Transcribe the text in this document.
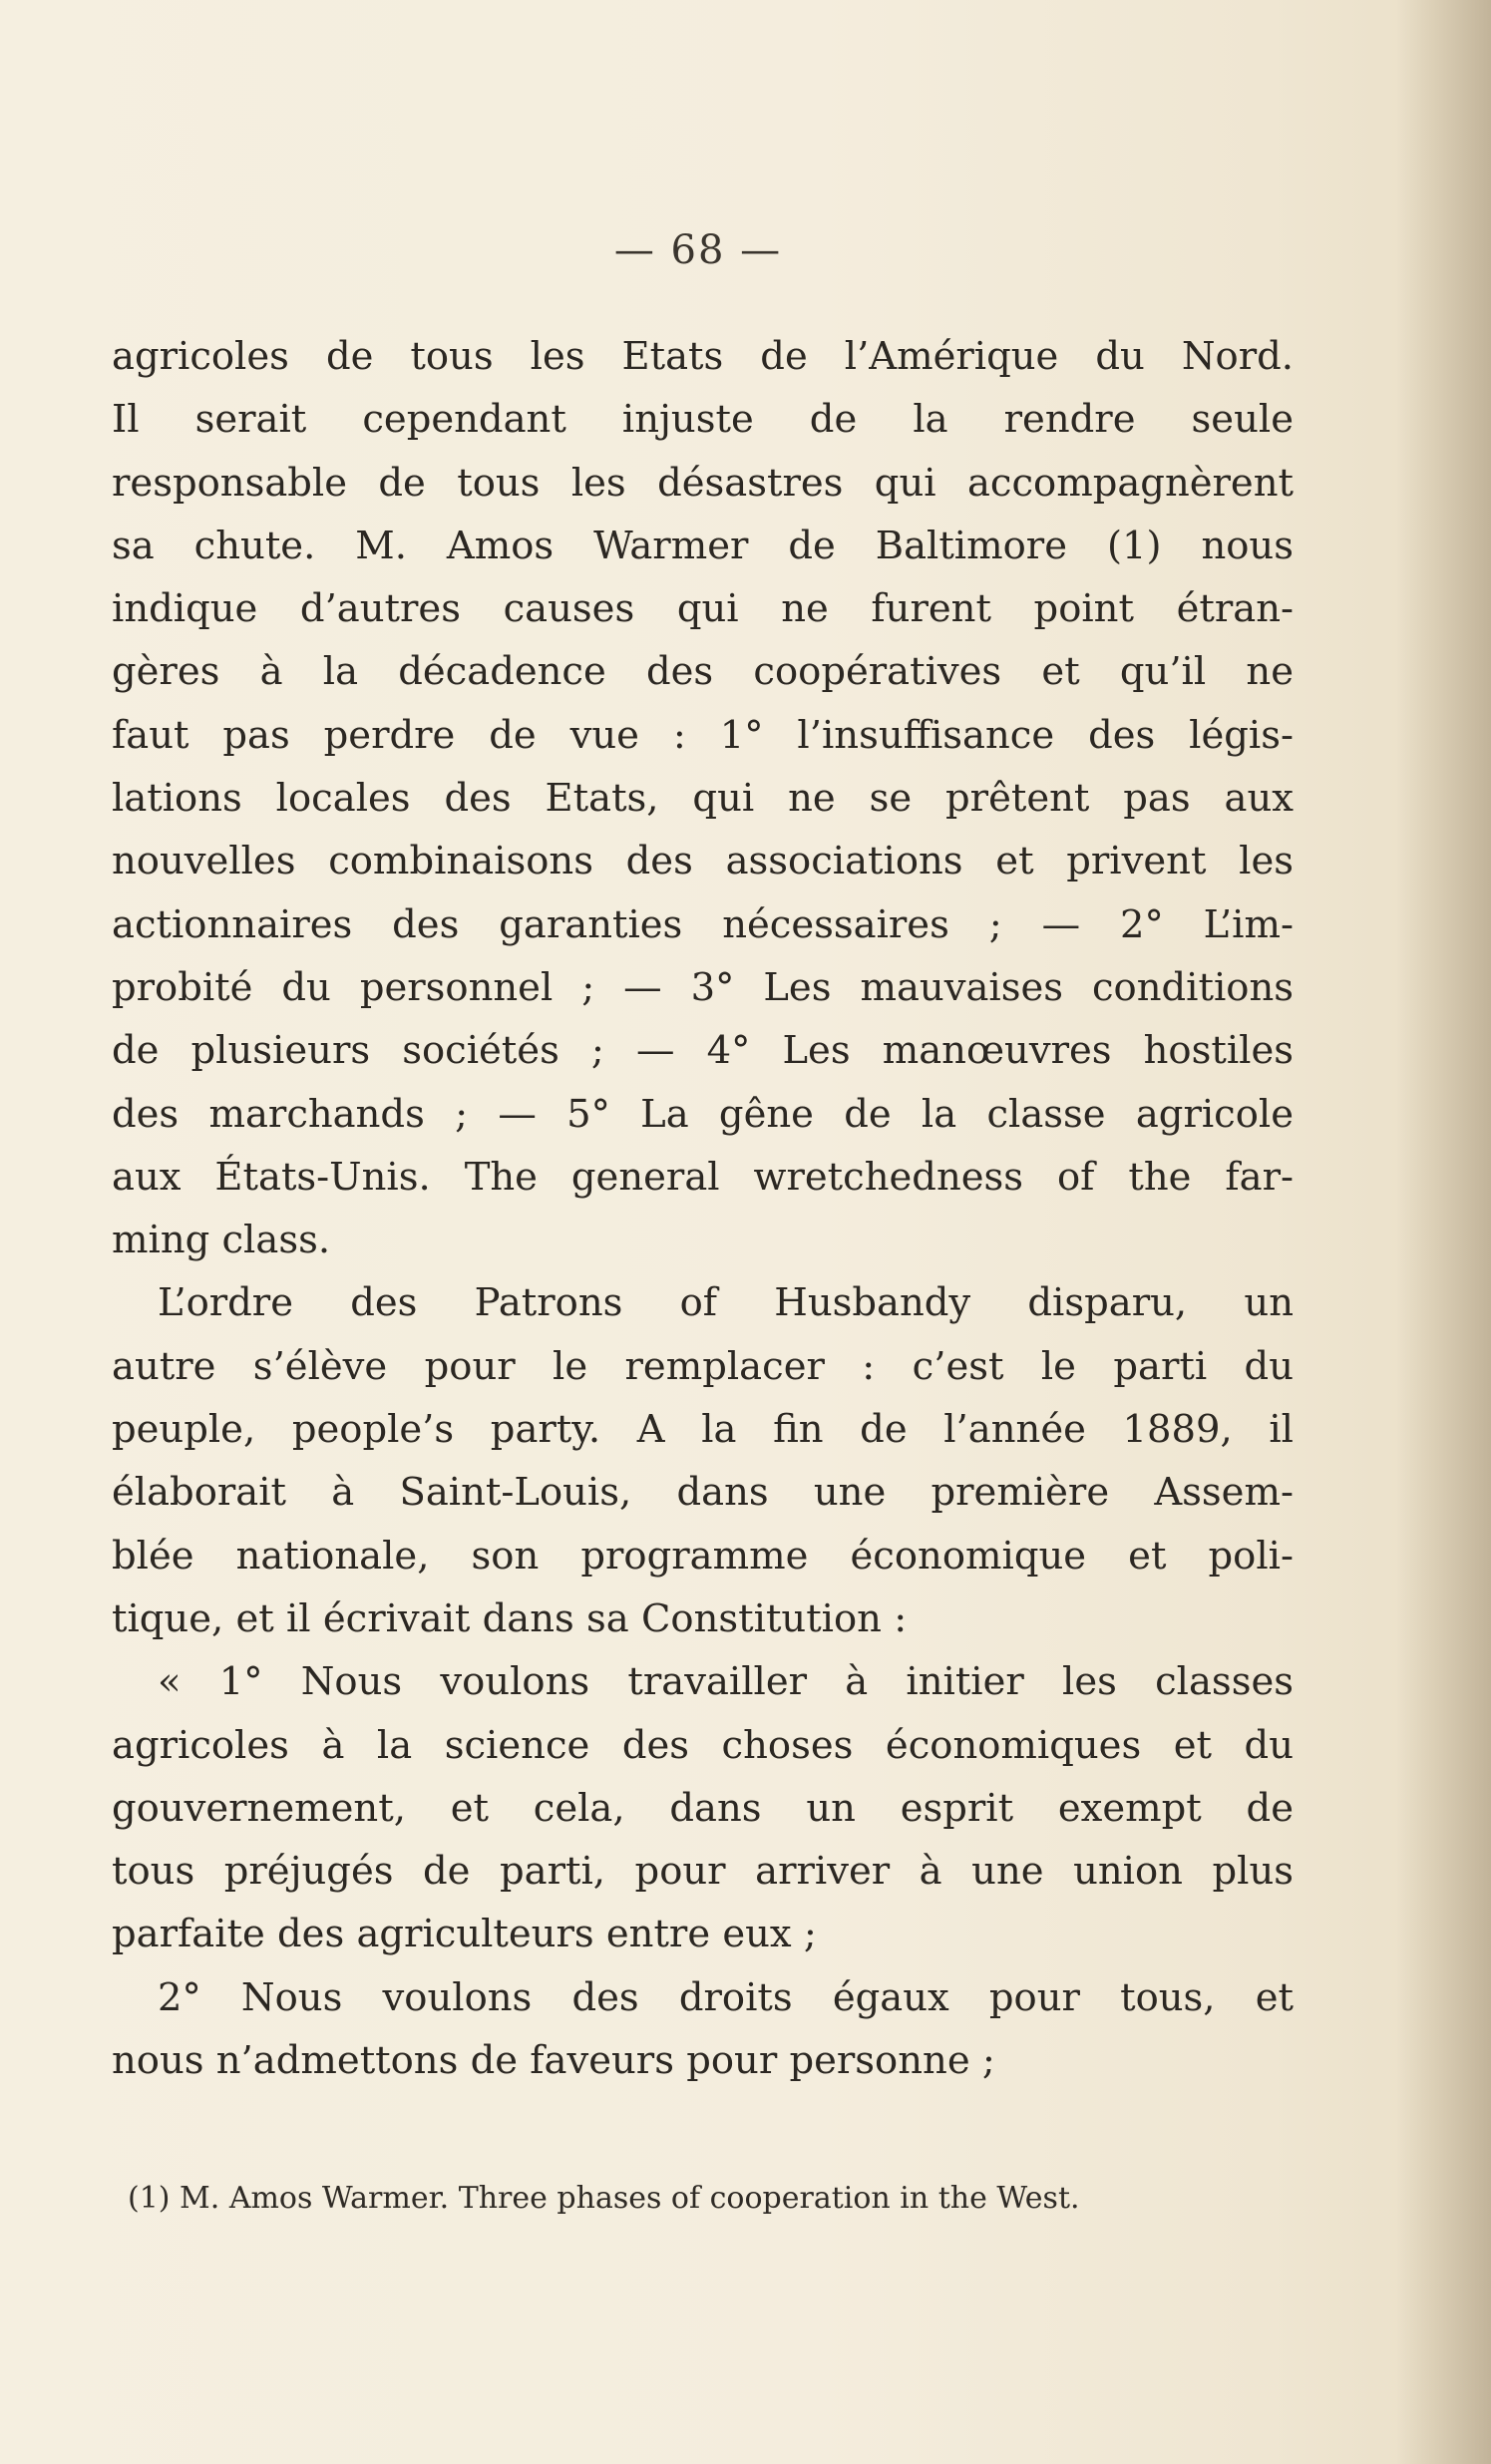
— 68 —
agricoles de tous les Etats de l’Amérique du Nord.
Il serait cependant injuste de la rendre seule
responsable de tous les désastres qui accompagnèrent
sa chute. M. Amos Warmer de Baltimore (1) nous
indique d’autres causes qui ne furent point étran-
gères à la décadence des coopératives et qu’il ne
faut pas perdre de vue : 1° l’insuffisance des légis-
lations locales des Etats, qui ne se prêtent pas aux
nouvelles combinaisons des associations et privent les
actionnaires des garanties nécessaires ; — 2° L’im-
probité du personnel ; — 3° Les mauvaises conditions
de plusieurs sociétés ; — 4° Les manœuvres hostiles
des marchands ; — 5° La gêne de la classe agricole
aux États-Unis. The general wretchedness of the far-
ming class.
L’ordre des Patrons of Husbandy disparu, un
autre s’élève pour le remplacer : c’est le parti du
peuple, people’s party. A la fin de l’année 1889, il
élaborait à Saint-Louis, dans une première Assem-
blée nationale, son programme économique et poli-
tique, et il écrivait dans sa Constitution :
« 1° Nous voulons travailler à initier les classes
agricoles à la science des choses économiques et du
gouvernement, et cela, dans un esprit exempt de
tous préjugés de parti, pour arriver à une union plus
parfaite des agriculteurs entre eux ;
2° Nous voulons des droits égaux pour tous, et
nous n’admettons de faveurs pour personne ;
(1) M. Amos Warmer. Three phases of cooperation in the West.
